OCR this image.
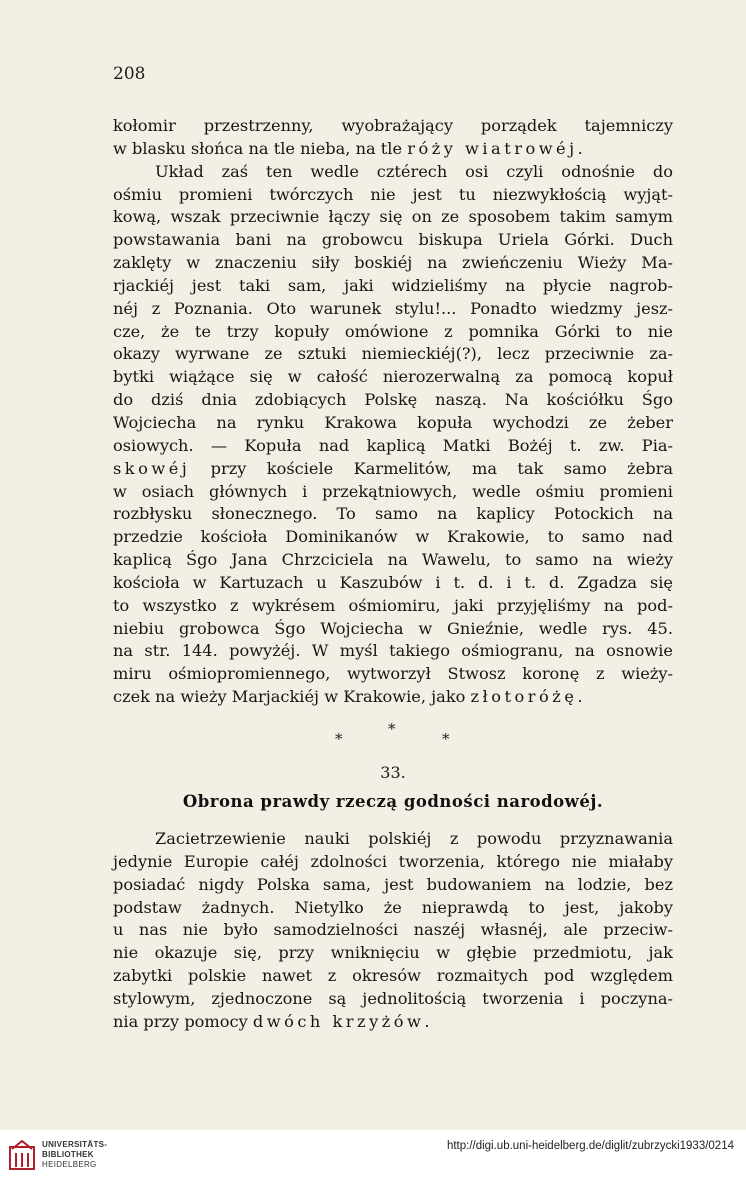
208
kołomir przestrzenny, wyobrażający porządek tajemniczy
w blasku słońca na tle nieba, na tle róży wiatrowéj.
Układ zaś ten wedle cztérech osi czyli odnośnie do
ośmiu promieni twórczych nie jest tu niezwykłością wyjąt-
kową, wszak przeciwnie łączy się on ze sposobem takim samym
powstawania bani na grobowcu biskupa Uriela Górki. Duch
zaklęty w znaczeniu siły boskiéj na zwieńczeniu Wieży Ma-
rjackiéj jest taki sam, jaki widzieliśmy na płycie nagrob-
néj z Poznania. Oto warunek stylu!... Ponadto wiedzmy jesz-
cze, że te trzy kopuły omówione z pomnika Górki to nie
okazy wyrwane ze sztuki niemieckiéj(?), lecz przeciwnie za-
bytki wiążące się w całość nierozerwalną za pomocą kopuł
do dziś dnia zdobiących Polskę naszą. Na kościółku Śgo
Wojciecha na rynku Krakowa kopuła wychodzi ze żeber
osiowych. — Kopuła nad kaplicą Matki Bożéj t. zw. Pia-
skowéj przy kościele Karmelitów, ma tak samo żebra
w osiach głównych i przekątniowych, wedle ośmiu promieni
rozbłysku słonecznego. To samo na kaplicy Potockich na
przedzie kościoła Dominikanów w Krakowie, to samo nad
kaplicą Śgo Jana Chrzciciela na Wawelu, to samo na wieży
kościoła w Kartuzach u Kaszubów i t. d. i t. d. Zgadza się
to wszystko z wykrésem ośmiomiru, jaki przyjęliśmy na pod-
niebiu grobowca Śgo Wojciecha w Gnieźnie, wedle rys. 45.
na str. 144. powyżéj. W myśl takiego ośmiogranu, na osnowie
miru ośmiopromiennego, wytworzył Stwosz koronę z wieży-
czek na wieży Marjackiéj w Krakowie, jako złotoróżę.
*
*
*
33.
Obrona prawdy rzeczą godności narodowéj.
Zacietrzewienie nauki polskiéj z powodu przyznawania
jedynie Europie całéj zdolności tworzenia, którego nie miałaby
posiadać nigdy Polska sama, jest budowaniem na lodzie, bez
podstaw żadnych. Nietylko że nieprawdą to jest, jakoby
u nas nie było samodzielności naszéj własnéj, ale przeciw-
nie okazuje się, przy wniknięciu w głębie przedmiotu, jak
zabytki polskie nawet z okresów rozmaitych pod względem
stylowym, zjednoczone są jednolitością tworzenia i poczyna-
nia przy pomocy dwóch krzyżów.
UNIVERSITÄTS-
BIBLIOTHEK
HEIDELBERG
http://digi.ub.uni-heidelberg.de/diglit/zubrzycki1933/0214
